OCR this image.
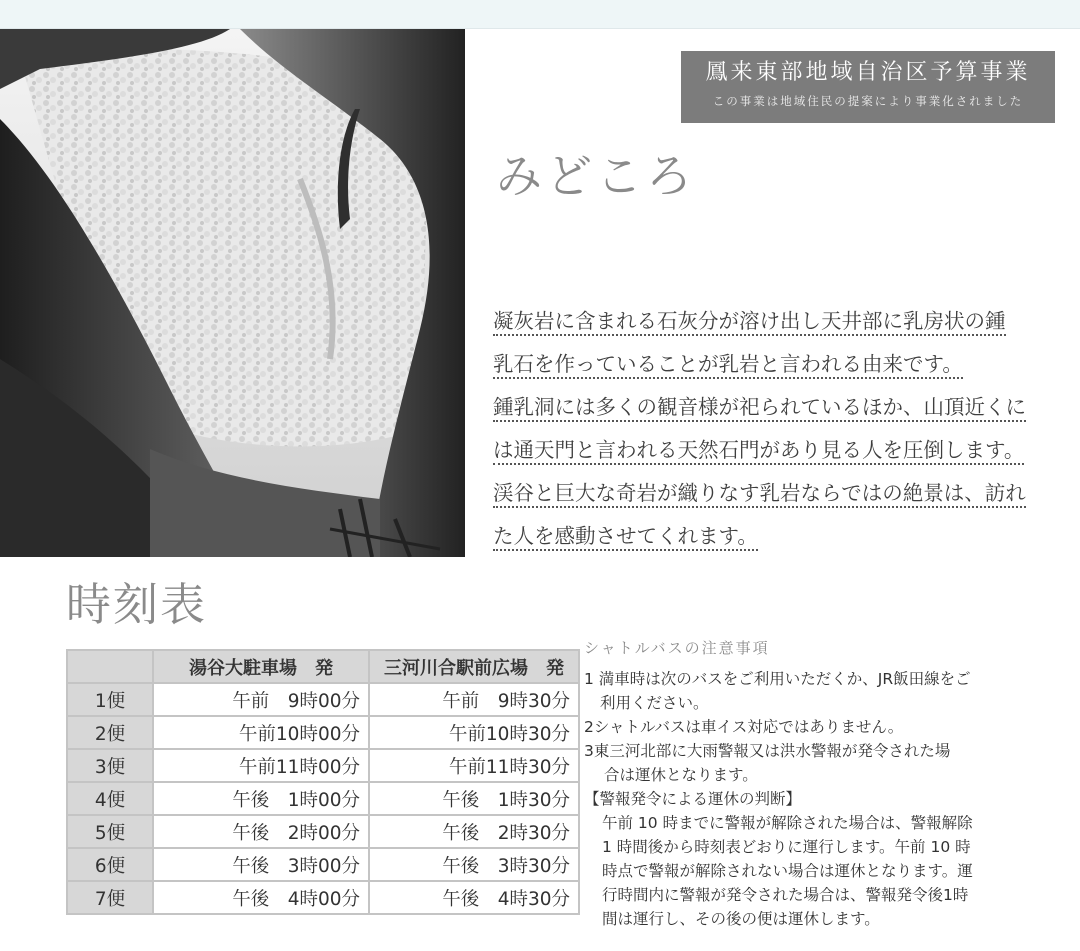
鳳来東部地域自治区予算事業
この事業は地域住民の提案により事業化されました
みどころ
凝灰岩に含まれる石灰分が溶け出し天井部に乳房状の鍾
乳石を作っていることが乳岩と言われる由来です。
鍾乳洞には多くの観音様が祀られているほか、山頂近くに
は通天門と言われる天然石門があり見る人を圧倒します。
渓谷と巨大な奇岩が織りなす乳岩ならではの絶景は、訪れ
た人を感動させてくれます。
時刻表
	湯谷大駐車場　発	三河川合駅前広場　発
1便	午前　9時00分	午前　9時30分
2便	午前10時00分	午前10時30分
3便	午前11時00分	午前11時30分
4便	午後　1時00分	午後　1時30分
5便	午後　2時00分	午後　2時30分
6便	午後　3時00分	午後　3時30分
7便	午後　4時00分	午後　4時30分
シャトルバスの注意事項

1 満車時は次のバスをご利用いただくか、JR飯田線をご

利用ください。

2シャトルバスは車イス対応ではありません。

3東三河北部に大雨警報又は洪水警報が発令された場

合は運休となります。

【警報発令による運休の判断】

午前 10 時までに警報が解除された場合は、警報解除

1 時間後から時刻表どおりに運行します。午前 10 時

時点で警報が解除されない場合は運休となります。運

行時間内に警報が発令された場合は、警報発令後1時

間は運行し、その後の便は運休します。
